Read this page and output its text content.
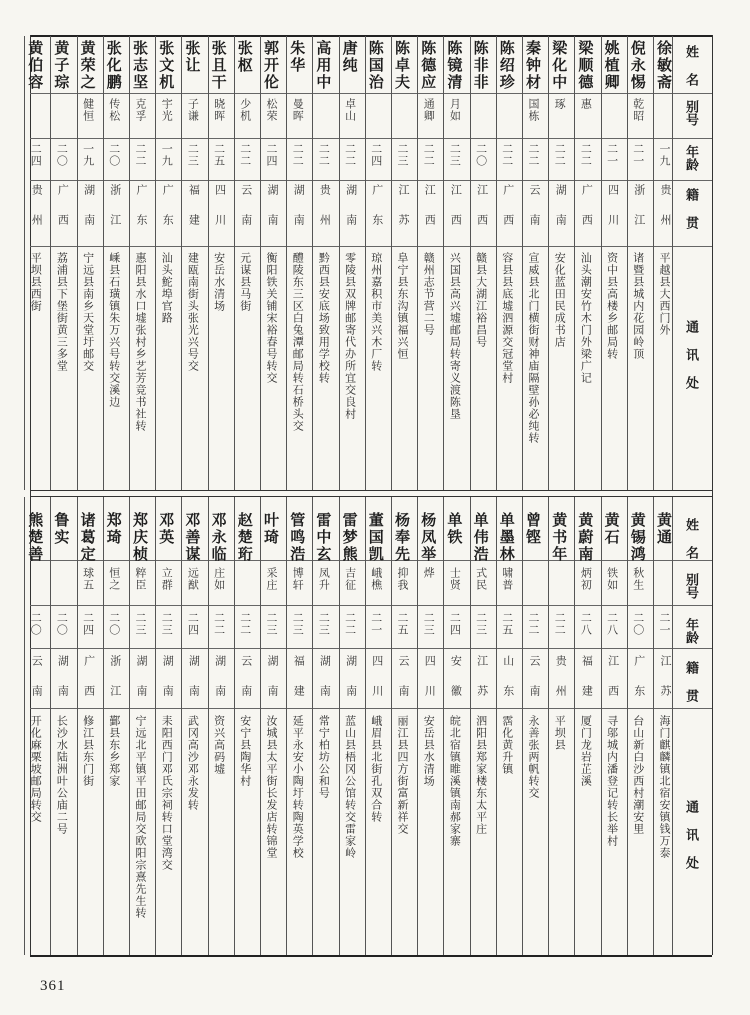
361
姓 名
别号
年龄
籍 贯
通 讯 处
徐敏斋
一九
贵
州
平越县大西门外
倪永惕
乾昭
二一
浙
江
诸暨县城内花园岭顶
姚植卿
二一
四
川
资中县高楼乡邮局转
梁顺德
惠
二二
广
西
汕头潮安竹木门外梁广记
梁化中
琢
二二
湖
南
安化蓝田民成书店
秦钟材
国栋
二二
云
南
宣威县北门横街财神庙隔壁孙必纯转
陈绍珍
二二
广
西
容县县底墟泗源交冠堂村
陈非非
二〇
江
西
赣县大湖江裕昌号
陈镜清
月如
二三
江
西
兴国县高兴墟邮局转寄义渡陈垦
陈德应
通卿
二二
江
西
赣州志节营二号
陈卓夫
二三
江
苏
阜宁县东沟镇福兴恒
陈国治
二四
广
东
琼州嘉积市美兴木厂转
唐纯
卓山
二二
湖
南
零陵县双牌邮寄代办所宜交良村
高用中
二二
贵
州
黔西县安底场致用学校转
朱华
曼晖
二二
湖
南
醴陵东三区白兔潭邮局转石桥头交
郭开伦
松荣
二四
湖
南
衡阳铁关铺宋裕春号转交
张枢
少机
二二
云
南
元谋县马街
张且干
晓晖
二五
四
川
安岳水清场
张让
子谦
二三
福
建
建瓯南街头张光兴号交
张文机
宇光
一九
广
东
汕头鮀埠官路
张志坚
克孚
二二
广
东
惠阳县水口墟张村乡艺芳竞书社转
张化鹏
传松
二〇
浙
江
嵊县石璜镇朱万兴号转交溪边
黄荣之
健恒
一九
湖
南
宁远县南乡天堂圩邮交
黄子琮
二〇
广
西
荔浦县下堡街黄三多堂
黄伯容
二四
贵
州
平坝县西街
姓 名
别号
年龄
籍 贯
通 讯 处
黄通
二一
江
苏
海门麒麟镇北宿安镇钱万泰
黄锡鸿
秋生
二〇
广
东
台山新白沙西村潮安里
黄石
铁如
二八
江
西
寻邬城内潘登记转长举村
黄蔚南
炳初
二八
福
建
厦门龙岩芷溪
黄书年
二二
贵
州
平坝县
曾铿
二二
云
南
永善张两帆转交
单墨林
啸普
二五
山
东
霑化黄升镇
单伟浩
式民
二三
江
苏
泗阳县郑家楼东太平庄
单铁
士贤
二四
安
徽
皖北宿镇睢溪镇南郝家寨
杨凤举
烨
二三
四
川
安岳县水清场
杨奉先
抑我
二五
云
南
丽江县四方街富新祥交
董国凯
峨樵
二一
四
川
峨眉县北街孔双合转
雷梦熊
吉征
二二
湖
南
蓝山县梧冈公馆转交雷家岭
雷中玄
凤升
二三
湖
南
常宁柏坊公和号
管鸣浩
博轩
二三
福
建
延平永安小陶圩转陶英学校
叶琦
采庄
二三
湖
南
汝城县太平街长发店转锦堂
赵楚珩
二二
云
南
安宁县陶华村
邓永临
庄如
二二
湖
南
资兴高码墟
邓善谋
远猷
二四
湖
南
武冈高沙邓永发转
邓英
立群
二三
湖
南
耒阳西门邓氏宗祠转口堂湾交
郑庆桢
粹臣
二三
湖
南
宁远北平镇平田邮局交欧阳宗熹先生转
郑琦
恒之
二〇
浙
江
鄞县东乡郑家
诸葛定
球五
二四
广
西
修江县东门街
鲁实
二〇
湖
南
长沙水陆洲叶公庙二号
熊楚善
二〇
云
南
开化麻栗坡邮局转交
